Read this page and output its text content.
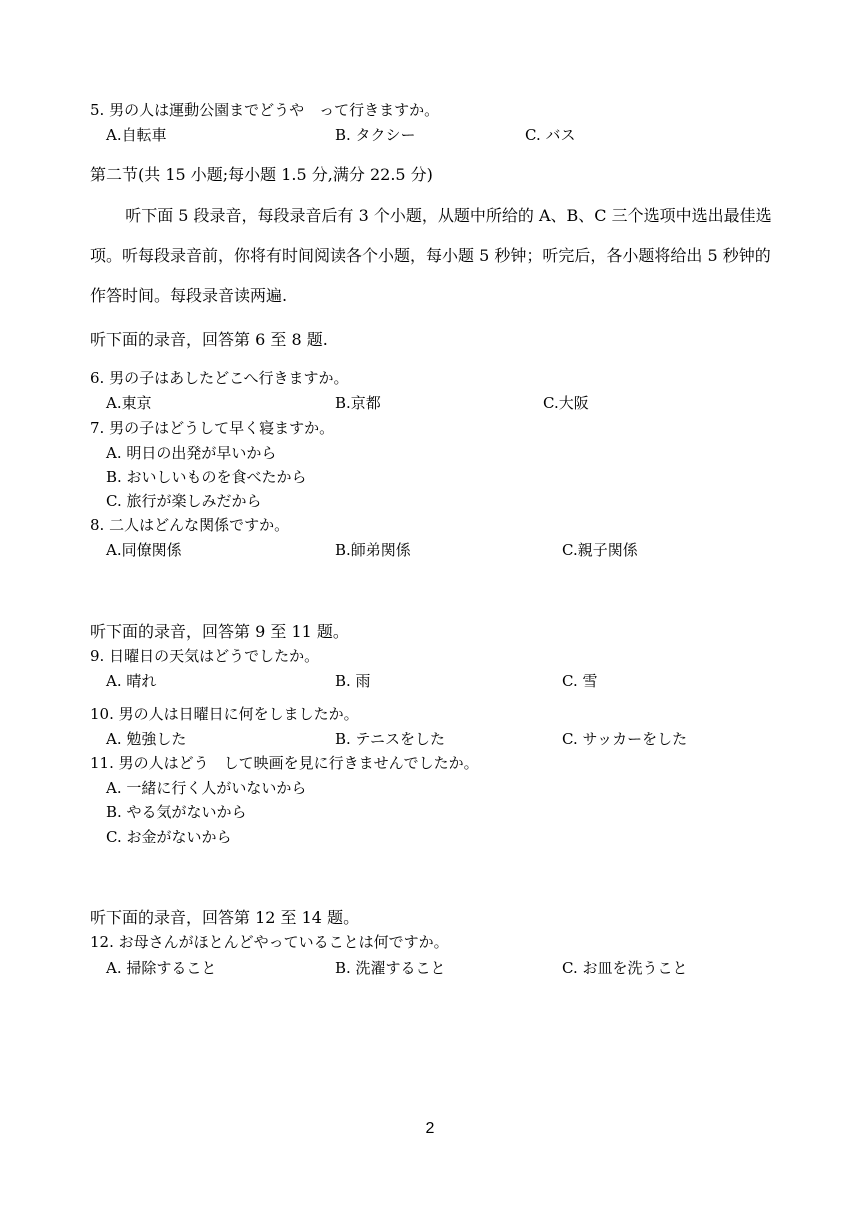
5. 男の人は運動公園までどうや　って行きますか。
A.自転車	B. タクシー	C. バス
第二节(共 15 小题;每小题 1.5 分,满分 22.5 分)
听下面 5 段录音，每段录音后有 3 个小题，从题中所给的 A、B、C 三个选项中选出最佳选项。听每段录音前，你将有时间阅读各个小题，每小题 5 秒钟；听完后，各小题将给出 5 秒钟的作答时间。每段录音读两遍.
听下面的录音，回答第 6 至 8 题.
6. 男の子はあしたどこへ行きますか。
A.東京	B.京都	C.大阪
7. 男の子はどうして早く寝ますか。
A. 明日の出発が早いから
B. おいしいものを食べたから
C. 旅行が楽しみだから
8. 二人はどんな関係ですか。
A.同僚関係	B.師弟関係	C.親子関係
听下面的录音，回答第 9 至 11 题。
9. 日曜日の天気はどうでしたか。
A. 晴れ	B. 雨	C. 雪
10. 男の人は日曜日に何をしましたか。
A. 勉強した	B. テニスをした	C. サッカーをした
11. 男の人はどう　して映画を見に行きませんでしたか。
A. 一緒に行く人がいないから
B. やる気がないから
C. お金がないから
听下面的录音，回答第 12 至 14 题。
12. お母さんがほとんどやっていることは何ですか。
A. 掃除すること	B. 洗濯すること	C. お皿を洗うこと
2
